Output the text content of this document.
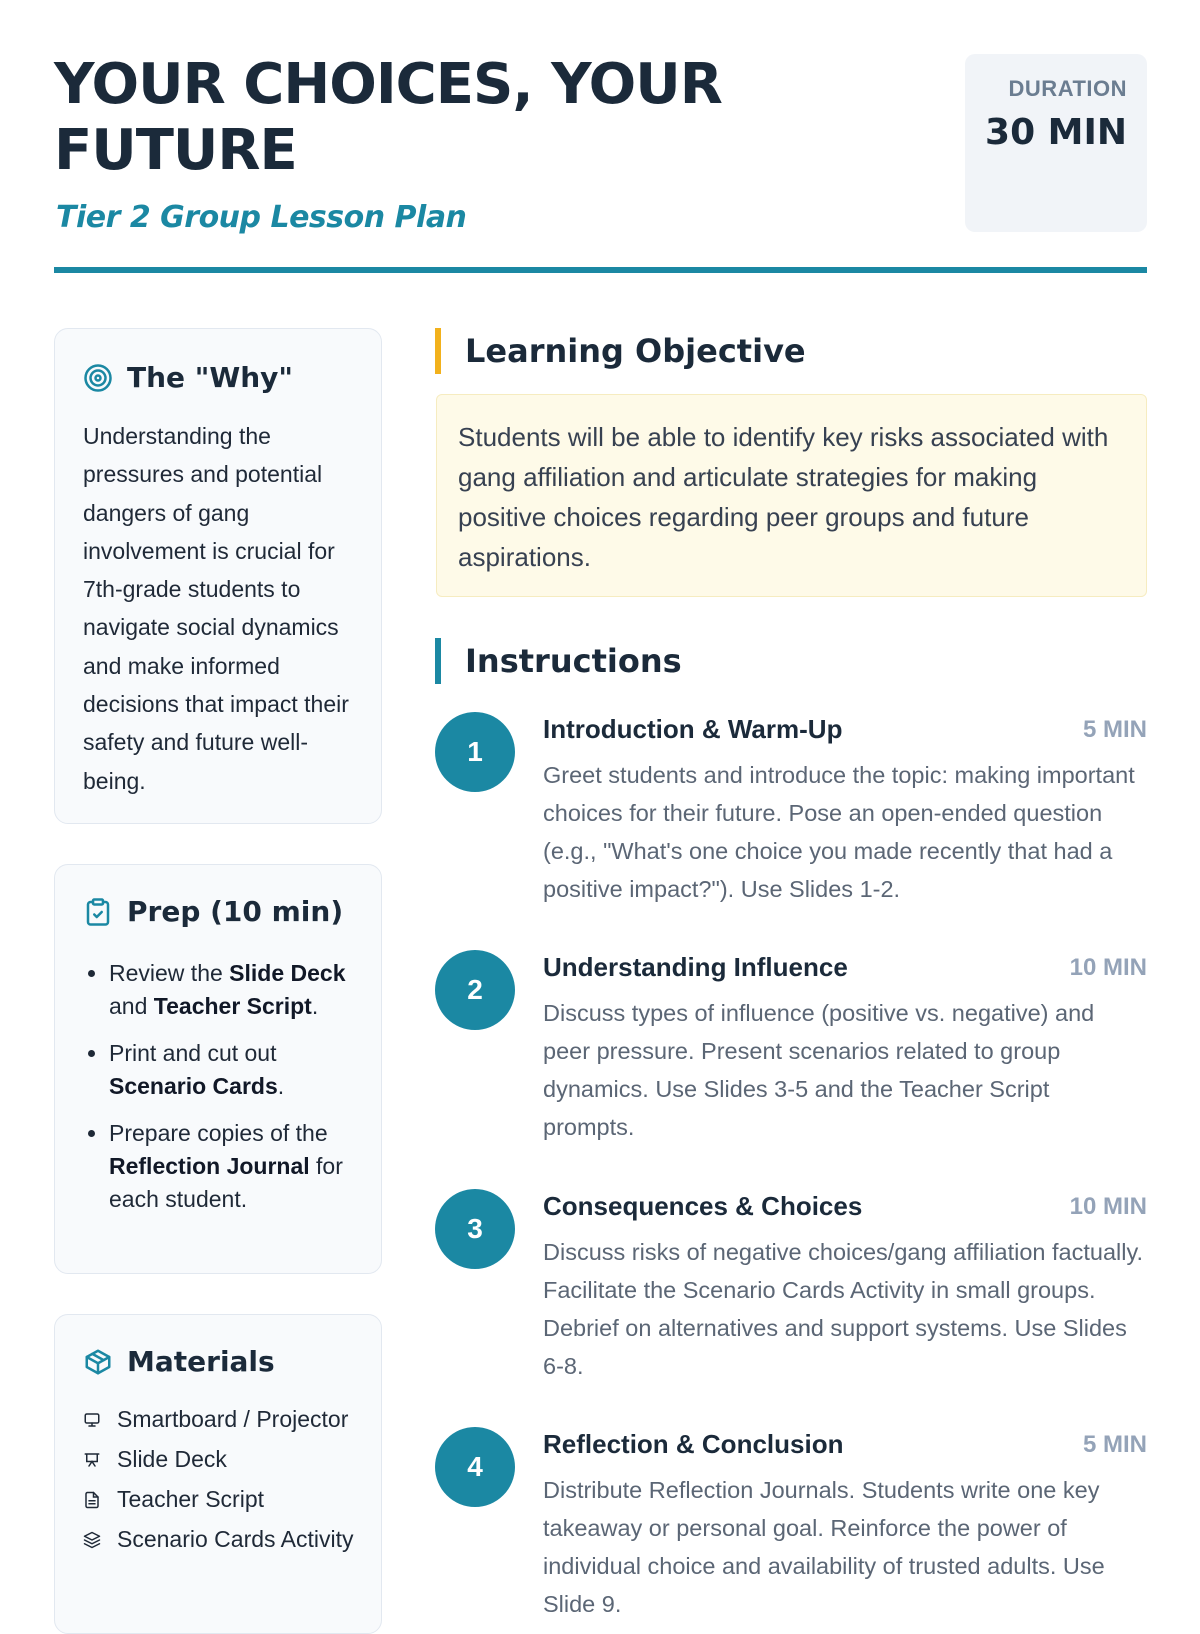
YOUR CHOICES, YOUR FUTURE
Tier 2 Group Lesson Plan
DURATION
30 MIN
The "Why"

Understanding the pressures and potential dangers of gang involvement is crucial for 7th-grade students to navigate social dynamics and make informed decisions that impact their safety and future well-being.

Prep (10 min)
• Review the Slide Deck and Teacher Script.
• Print and cut out Scenario Cards.
• Prepare copies of the Reflection Journal for each student.
Materials
Smartboard / Projector
Slide Deck
Teacher Script
Scenario Cards Activity
Learning Objective
Students will be able to identify key risks associated with gang affiliation and articulate strategies for making positive choices regarding peer groups and future aspirations.
Instructions
1
Introduction & Warm-Up	5 MIN

Greet students and introduce the topic: making important choices for their future. Pose an open-ended question (e.g., "What's one choice you made recently that had a positive impact?"). Use Slides 1-2.

2
Understanding Influence	10 MIN

Discuss types of influence (positive vs. negative) and peer pressure. Present scenarios related to group dynamics. Use Slides 3-5 and the Teacher Script prompts.

3
Consequences & Choices	10 MIN

Discuss risks of negative choices/gang affiliation factually. Facilitate the Scenario Cards Activity in small groups. Debrief on alternatives and support systems. Use Slides 6-8.

4
Reflection & Conclusion	5 MIN

Distribute Reflection Journals. Students write one key takeaway or personal goal. Reinforce the power of individual choice and availability of trusted adults. Use Slide 9.
